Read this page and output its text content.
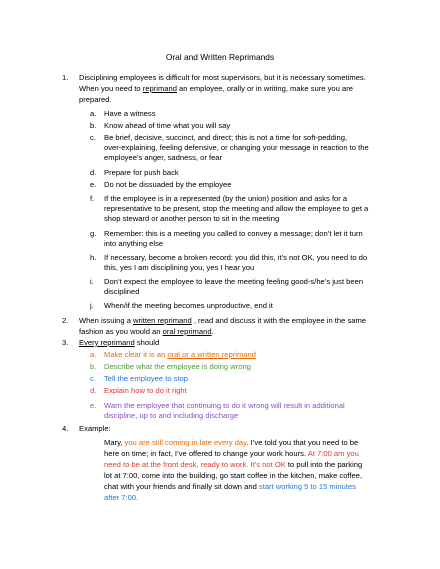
Oral and Written Reprimands
1. Disciplining employees is difficult for most supervisors, but it is necessary sometimes.
When you need to reprimand an employee, orally or in writing, make sure you are
prepared.
a. Have a witness
b. Know ahead of time what you will say
c. Be brief, decisive, succinct, and direct; this is not a time for soft-pedding,
over-explaining, feeling defensive, or changing your message in reaction to the
employee’s anger, sadness, or fear
d. Prepare for push back
e. Do not be dissuaded by the employee
f. If the employee is in a represented (by the union) position and asks for a
representative to be present, stop the meeting and allow the employee to get a
shop steward or another person to sit in the meeting
g. Remember: this is a meeting you called to convey a message; don’t let it turn
into anything else
h. If necessary, become a broken record: you did this, it’s not OK, you need to do
this, yes I am disciplining you, yes I hear you
i. Don’t expect the employee to leave the meeting feeling good-s/he’s just been
disciplined
j. When/if the meeting becomes unproductive, end it
2. When issuing a written reprimand , read and discuss it with the employee in the same
fashion as you would an oral reprimand.
3. Every reprimand should
a. Make clear it is an oral or a written reprimand
b. Describe what the employee is doing wrong
c. Tell the employee to stop
d. Explain how to do it right
e. Warn the employee that continuing to do it wrong will result in additional
discipline, up to and including discharge
4. Example:
Mary, you are still coming in late every day. I’ve told you that you need to be
here on time; in fact, I’ve offered to change your work hours. At 7:00 am you
need to be at the front desk, ready to work. It’s not OK to pull into the parking
lot at 7:00, come into the building, go start coffee in the kitchen, make coffee,
chat with your friends and finally sit down and start working 5 to 15 minutes
after 7:00.
